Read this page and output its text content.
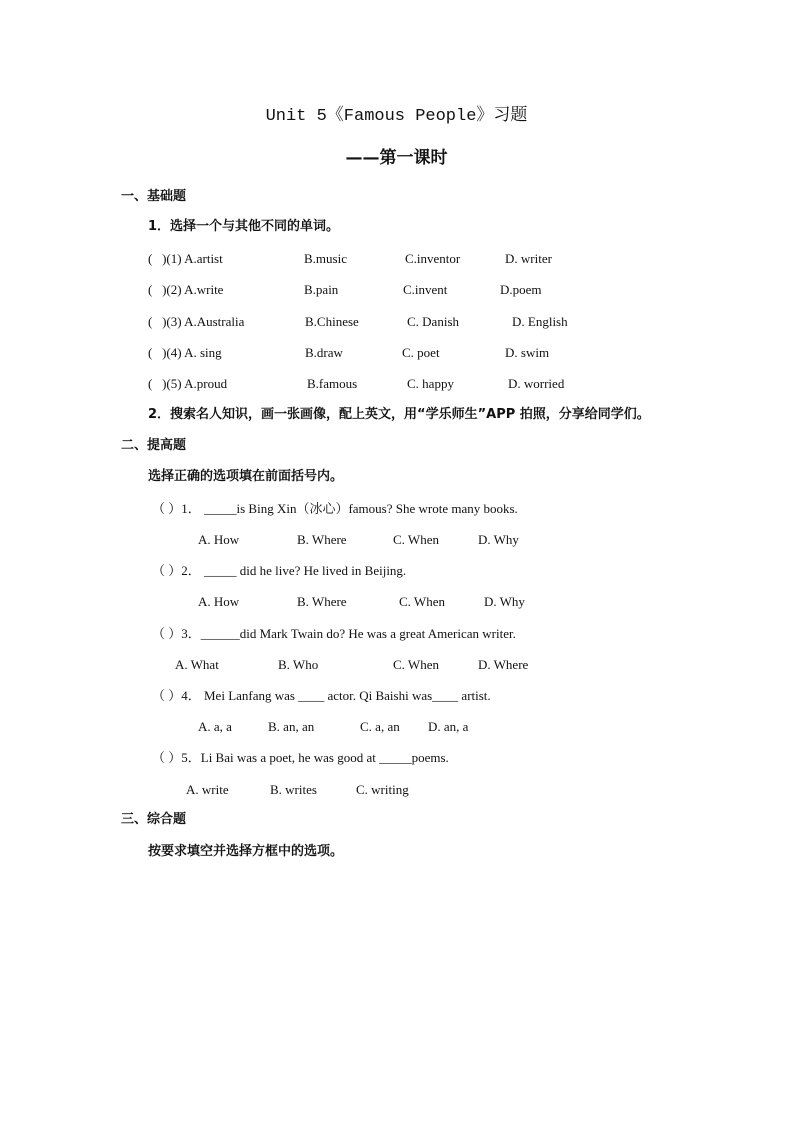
Unit 5《Famous People》习题
——第一课时
一、基础题
1．选择一个与其他不同的单词。
(   )(1) A.artist	B.music	C.inventor	D. writer
(   )(2) A.write	B.pain	C.invent	D.poem
(   )(3) A.Australia	B.Chinese	C. Danish	D. English
(   )(4) A. sing	B.draw	C. poet	D. swim
(   )(5) A.proud	B.famous	C. happy	D. worried
2．搜索名人知识，画一张画像，配上英文，用“学乐师生”APP 拍照，分享给同学们。
二、提高题
选择正确的选项填在前面括号内。
（ ）1． _____is Bing Xin（冰心）famous? She wrote many books.
A. How	B. Where	C. When	D. Why
（ ）2． _____ did he live? He lived in Beijing.
A. How	B. Where	C. When	D. Why
（ ）3．______did Mark Twain do? He was a great American writer.
A. What	B. Who	C. When	D. Where
（ ）4． Mei Lanfang was ____ actor. Qi Baishi was____ artist.
A. a, a	B. an, an	C. a, an D. an, a
（ ）5．Li Bai was a poet, he was good at _____poems.
A. write	B. writes	C. writing
三、综合题
按要求填空并选择方框中的选项。
